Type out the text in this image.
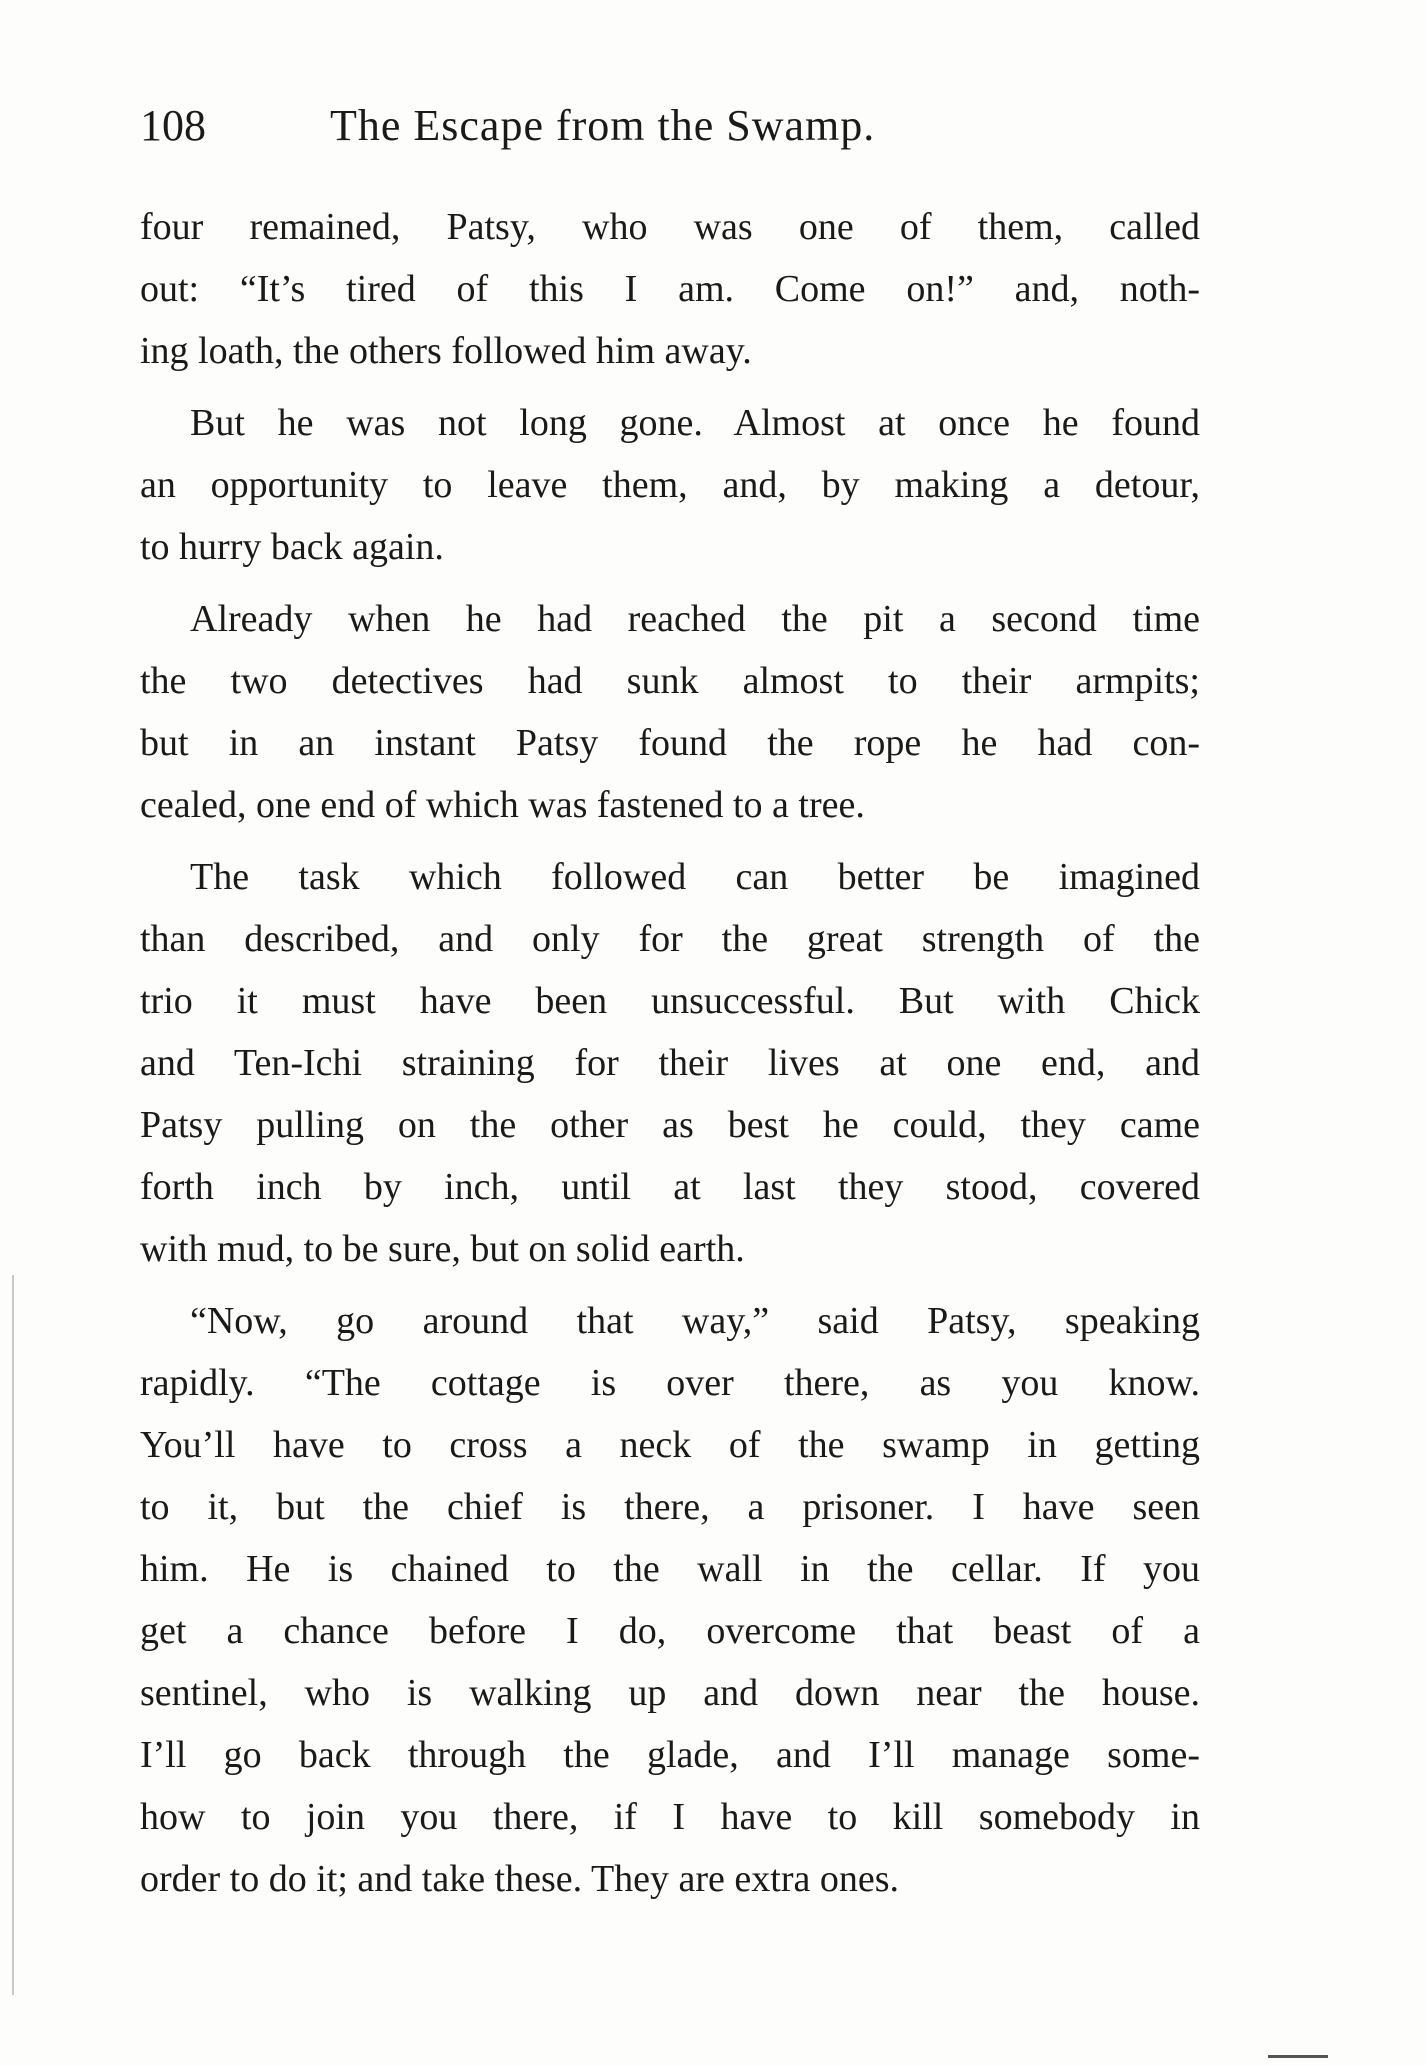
108	The Escape from the Swamp.
four remained, Patsy, who was one of them, called
out: “It’s tired of this I am. Come on!” and, noth-
ing loath, the others followed him away.
But he was not long gone. Almost at once he found
an opportunity to leave them, and, by making a detour,
to hurry back again.
Already when he had reached the pit a second time
the two detectives had sunk almost to their armpits;
but in an instant Patsy found the rope he had con-
cealed, one end of which was fastened to a tree.
The task which followed can better be imagined
than described, and only for the great strength of the
trio it must have been unsuccessful. But with Chick
and Ten-Ichi straining for their lives at one end, and
Patsy pulling on the other as best he could, they came
forth inch by inch, until at last they stood, covered
with mud, to be sure, but on solid earth.
“Now, go around that way,” said Patsy, speaking
rapidly. “The cottage is over there, as you know.
You’ll have to cross a neck of the swamp in getting
to it, but the chief is there, a prisoner. I have seen
him. He is chained to the wall in the cellar. If you
get a chance before I do, overcome that beast of a
sentinel, who is walking up and down near the house.
I’ll go back through the glade, and I’ll manage some-
how to join you there, if I have to kill somebody in
order to do it; and take these. They are extra ones.
